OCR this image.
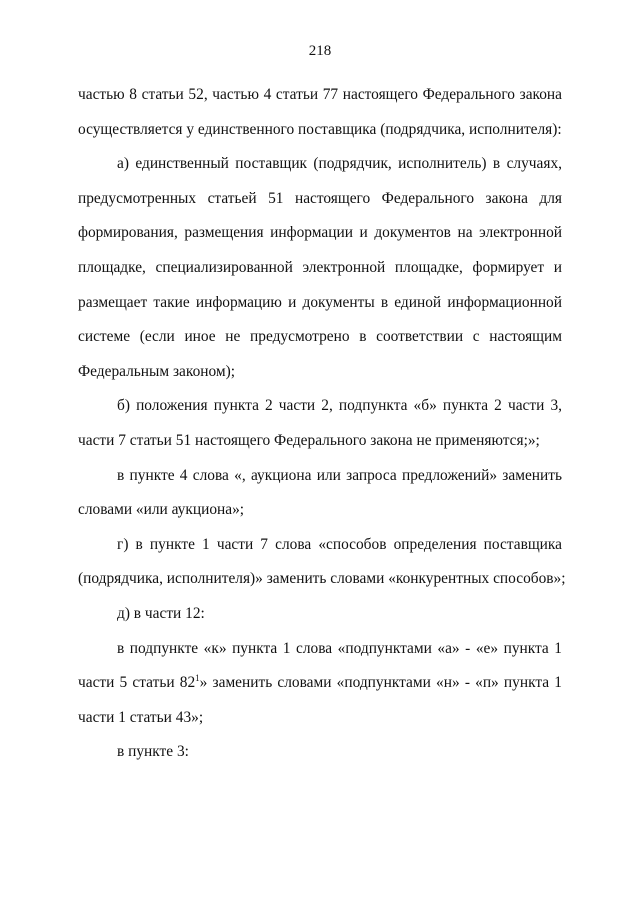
218

частью 8 статьи 52, частью 4 статьи 77 настоящего Федерального закона
осуществляется у единственного поставщика (подрядчика, исполнителя):

а) единственный поставщик (подрядчик, исполнитель) в случаях,
предусмотренных статьей 51 настоящего Федерального закона для
формирования, размещения информации и документов на электронной
площадке, специализированной электронной площадке, формирует и
размещает такие информацию и документы в единой информационной
системе (если иное не предусмотрено в соответствии с настоящим
Федеральным законом);

б) положения пункта 2 части 2, подпункта «б» пункта 2 части 3,
части 7 статьи 51 настоящего Федерального закона не применяются;»;

в пункте 4 слова «, аукциона или запроса предложений» заменить
словами «или аукциона»;

г) в пункте 1 части 7 слова «способов определения поставщика
(подрядчика, исполнителя)» заменить словами «конкурентных способов»;

д) в части 12:

в подпункте «к» пункта 1 слова «подпунктами «а» - «е» пункта 1
части 5 статьи $82^1$» заменить словами «подпунктами «н» - «п» пункта 1
части 1 статьи 43»;

в пункте 3:
